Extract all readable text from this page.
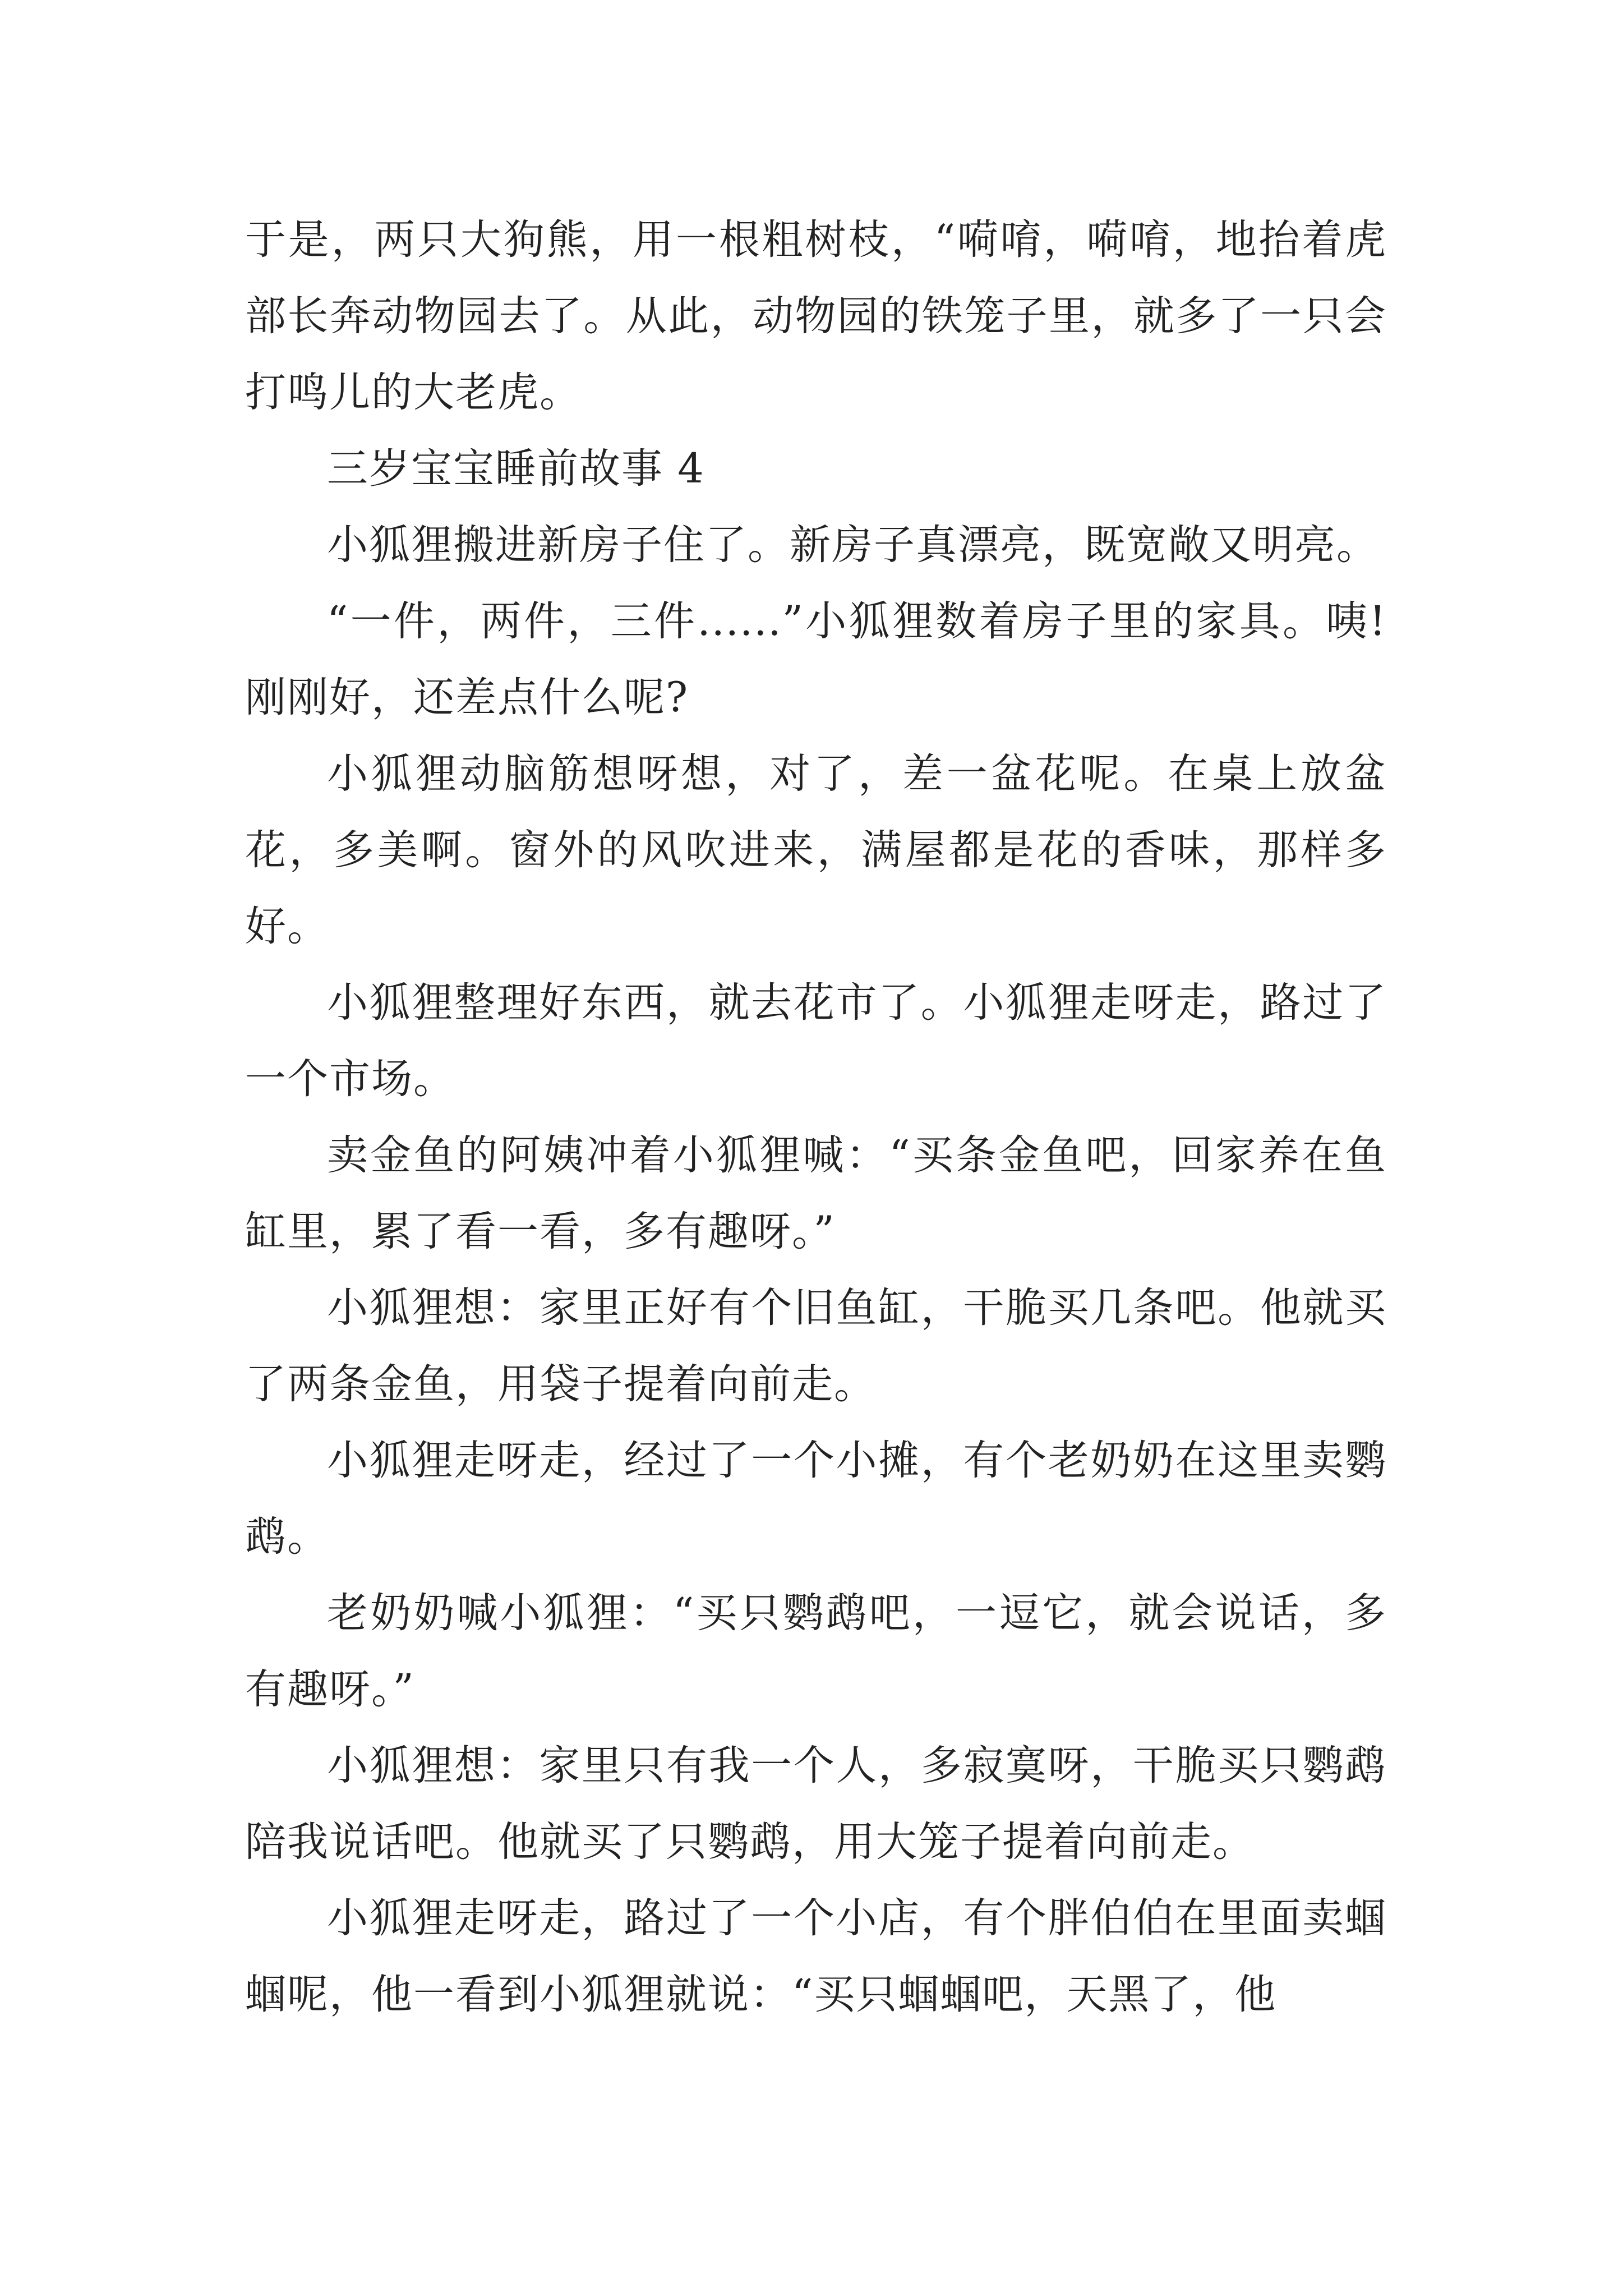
于是，两只大狗熊，用一根粗树枝，“嗬唷，嗬唷，地抬着虎部长奔动物园去了。从此，动物园的铁笼子里，就多了一只会打鸣儿的大老虎。

三岁宝宝睡前故事 4

小狐狸搬进新房子住了。新房子真漂亮，既宽敞又明亮。

“一件，两件，三件......”小狐狸数着房子里的家具。咦!刚刚好，还差点什么呢?

小狐狸动脑筋想呀想，对了，差一盆花呢。在桌上放盆花，多美啊。窗外的风吹进来，满屋都是花的香味，那样多好。

小狐狸整理好东西，就去花市了。小狐狸走呀走，路过了一个市场。

卖金鱼的阿姨冲着小狐狸喊：“买条金鱼吧，回家养在鱼缸里，累了看一看，多有趣呀。”

小狐狸想：家里正好有个旧鱼缸，干脆买几条吧。他就买了两条金鱼，用袋子提着向前走。

小狐狸走呀走，经过了一个小摊，有个老奶奶在这里卖鹦鹉。

老奶奶喊小狐狸：“买只鹦鹉吧，一逗它，就会说话，多有趣呀。”

小狐狸想：家里只有我一个人，多寂寞呀，干脆买只鹦鹉陪我说话吧。他就买了只鹦鹉，用大笼子提着向前走。

小狐狸走呀走，路过了一个小店，有个胖伯伯在里面卖蝈蝈呢，他一看到小狐狸就说：“买只蝈蝈吧，天黑了，他
